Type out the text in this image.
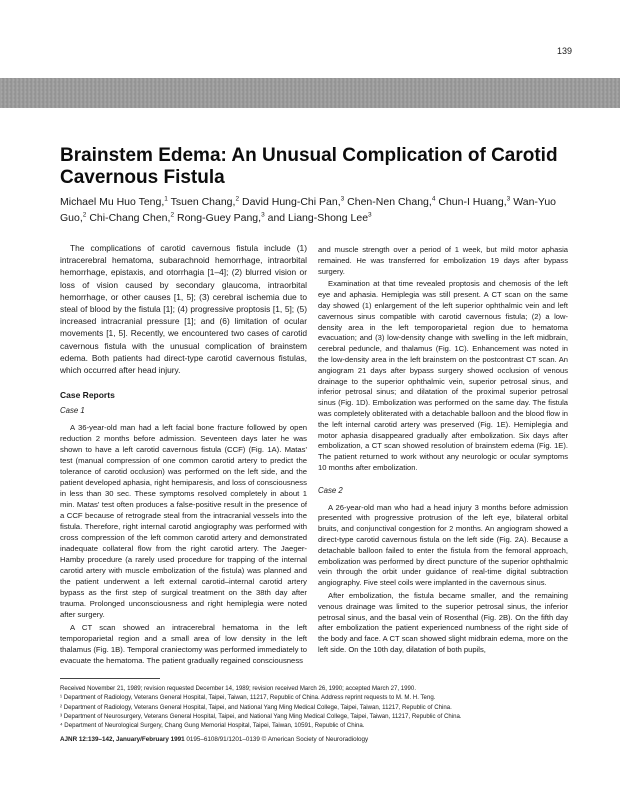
139
Brainstem Edema: An Unusual Complication of Carotid Cavernous Fistula
Michael Mu Huo Teng,$^1$ Tsuen Chang,$^2$ David Hung-Chi Pan,$^3$ Chen-Nen Chang,$^4$ Chun-I Huang,$^3$ Wan-Yuo Guo,$^2$ Chi-Chang Chen,$^2$ Rong-Guey Pang,$^3$ and Liang-Shong Lee$^3$

The complications of carotid cavernous fistula include (1) intracerebral hematoma, subarachnoid hemorrhage, intraorbital hemorrhage, epistaxis, and otorrhagia [1–4]; (2) blurred vision or loss of vision caused by secondary glaucoma, intraorbital hemorrhage, or other causes [1, 5]; (3) cerebral ischemia due to steal of blood by the fistula [1]; (4) progressive proptosis [1, 5]; (5) increased intracranial pressure [1]; and (6) limitation of ocular movements [1, 5]. Recently, we encountered two cases of carotid cavernous fistula with the unusual complication of brainstem edema. Both patients had direct-type carotid cavernous fistulas, which occurred after head injury.

Case Reports
Case 1

A 36-year-old man had a left facial bone fracture followed by open reduction 2 months before admission. Seventeen days later he was shown to have a left carotid cavernous fistula (CCF) (Fig. 1A). Matas' test (manual compression of one common carotid artery to predict the tolerance of carotid occlusion) was performed on the left side, and the patient developed aphasia, right hemiparesis, and loss of consciousness in less than 30 sec. These symptoms resolved completely in about 1 min. Matas' test often produces a false-positive result in the presence of a CCF because of retrograde steal from the intracranial vessels into the fistula. Therefore, right internal carotid angiography was performed with cross compression of the left common carotid artery and demonstrated inadequate collateral flow from the right carotid artery. The Jaeger-Hamby procedure (a rarely used procedure for trapping of the internal carotid artery with muscle embolization of the fistula) was planned and the patient underwent a left external carotid–internal carotid artery bypass as the first step of surgical treatment on the 38th day after trauma. Prolonged unconsciousness and right hemiplegia were noted after surgery.

A CT scan showed an intracerebral hematoma in the left temporoparietal region and a small area of low density in the left thalamus (Fig. 1B). Temporal craniectomy was performed immediately to evacuate the hematoma. The patient gradually regained consciousness

and muscle strength over a period of 1 week, but mild motor aphasia remained. He was transferred for embolization 19 days after bypass surgery.

Examination at that time revealed proptosis and chemosis of the left eye and aphasia. Hemiplegia was still present. A CT scan on the same day showed (1) enlargement of the left superior ophthalmic vein and left cavernous sinus compatible with carotid cavernous fistula; (2) a low-density area in the left temporoparietal region due to hematoma evacuation; and (3) low-density change with swelling in the left midbrain, cerebral peduncle, and thalamus (Fig. 1C). Enhancement was noted in the low-density area in the left brainstem on the postcontrast CT scan. An angiogram 21 days after bypass surgery showed occlusion of venous drainage to the superior ophthalmic vein, superior petrosal sinus, and inferior petrosal sinus; and dilatation of the proximal superior petrosal sinus (Fig. 1D). Embolization was performed on the same day. The fistula was completely obliterated with a detachable balloon and the blood flow in the left internal carotid artery was preserved (Fig. 1E). Hemiplegia and motor aphasia disappeared gradually after embolization. Six days after embolization, a CT scan showed resolution of brainstem edema (Fig. 1E). The patient returned to work without any neurologic or ocular symptoms 10 months after embolization.

Case 2

A 26-year-old man who had a head injury 3 months before admission presented with progressive protrusion of the left eye, bilateral orbital bruits, and conjunctival congestion for 2 months. An angiogram showed a direct-type carotid cavernous fistula on the left side (Fig. 2A). Because a detachable balloon failed to enter the fistula from the femoral approach, embolization was performed by direct puncture of the superior ophthalmic vein through the orbit under guidance of real-time digital subtraction angiography. Five steel coils were implanted in the cavernous sinus.

After embolization, the fistula became smaller, and the remaining venous drainage was limited to the superior petrosal sinus, the inferior petrosal sinus, and the basal vein of Rosenthal (Fig. 2B). On the fifth day after embolization the patient experienced numbness of the right side of the body and face. A CT scan showed slight midbrain edema, more on the left side. On the 10th day, dilatation of both pupils,

Received November 21, 1989; revision requested December 14, 1989; revision received March 26, 1990; accepted March 27, 1990.
¹ Department of Radiology, Veterans General Hospital, Taipei, Taiwan, 11217, Republic of China. Address reprint requests to M. M. H. Teng.
² Department of Radiology, Veterans General Hospital, Taipei, and National Yang Ming Medical College, Taipei, Taiwan, 11217, Republic of China.
³ Department of Neurosurgery, Veterans General Hospital, Taipei, and National Yang Ming Medical College, Taipei, Taiwan, 11217, Republic of China.
⁴ Department of Neurological Surgery, Chang Gung Memorial Hospital, Taipei, Taiwan, 10591, Republic of China.
AJNR 12:139–142, January/February 1991 0195–6108/91/1201–0139 © American Society of Neuroradiology
